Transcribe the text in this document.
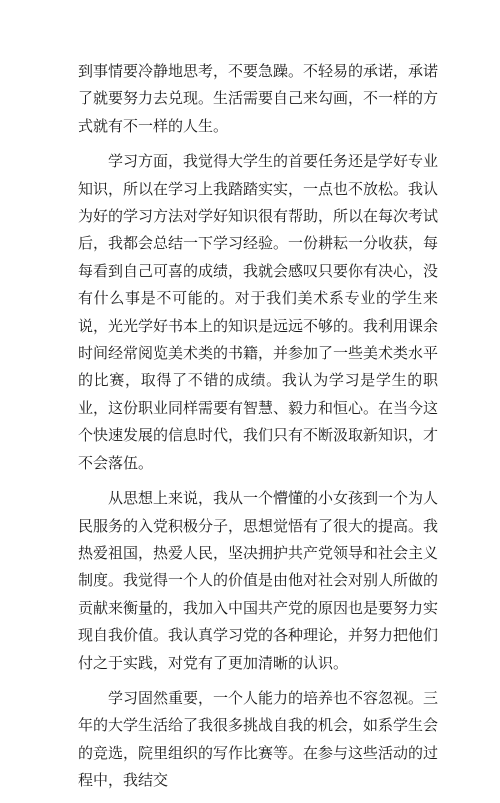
到事情要冷静地思考，不要急躁。不轻易的承诺，承诺了就要努力去兑现。生活需要自己来勾画，不一样的方式就有不一样的人生。

学习方面，我觉得大学生的首要任务还是学好专业知识，所以在学习上我踏踏实实，一点也不放松。我认为好的学习方法对学好知识很有帮助，所以在每次考试后，我都会总结一下学习经验。一份耕耘一分收获，每每看到自己可喜的成绩，我就会感叹只要你有决心，没有什么事是不可能的。对于我们美术系专业的学生来说，光光学好书本上的知识是远远不够的。我利用课余时间经常阅览美术类的书籍，并参加了一些美术类水平的比赛，取得了不错的成绩。我认为学习是学生的职业，这份职业同样需要有智慧、毅力和恒心。在当今这个快速发展的信息时代，我们只有不断汲取新知识，才不会落伍。

从思想上来说，我从一个懵懂的小女孩到一个为人民服务的入党积极分子，思想觉悟有了很大的提高。我热爱祖国，热爱人民，坚决拥护共产党领导和社会主义制度。我觉得一个人的价值是由他对社会对别人所做的贡献来衡量的，我加入中国共产党的原因也是要努力实现自我价值。我认真学习党的各种理论，并努力把他们付之于实践，对党有了更加清晰的认识。

学习固然重要，一个人能力的培养也不容忽视。三年的大学生活给了我很多挑战自我的机会，如系学生会的竞选，院里组织的写作比赛等。在参与这些活动的过程中，我结交
